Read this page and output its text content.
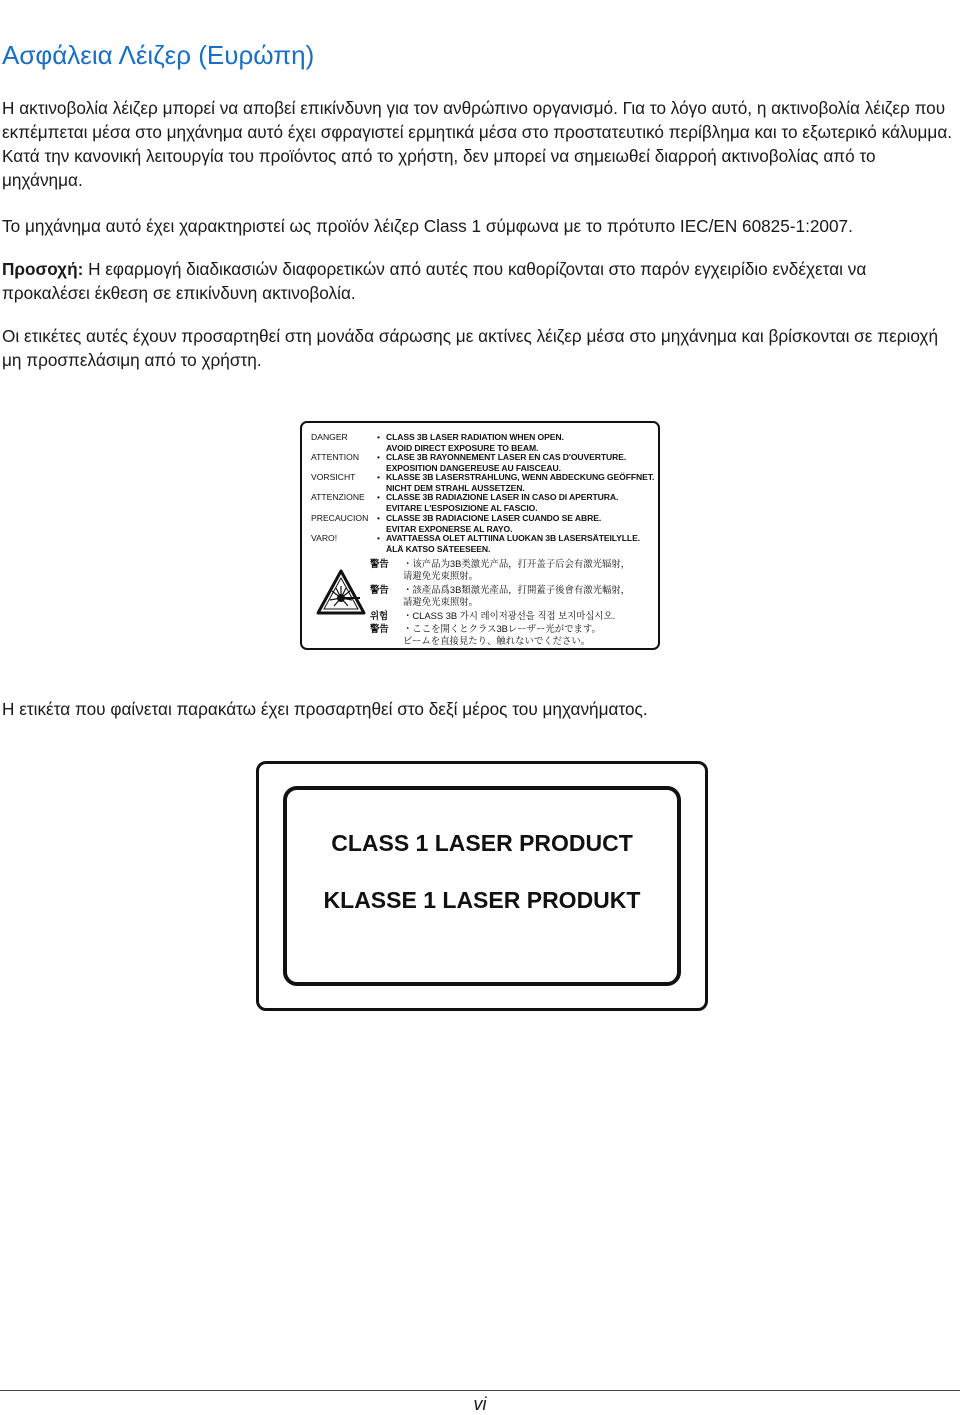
Ασφάλεια Λέιζερ (Ευρώπη)

Η ακτινοβολία λέιζερ μπορεί να αποβεί επικίνδυνη για τον ανθρώπινο οργανισμό. Για το λόγο αυτό, η ακτινοβολία λέιζερ που εκπέμπεται μέσα στο μηχάνημα αυτό έχει σφραγιστεί ερμητικά μέσα στο προστατευτικό περίβλημα και το εξωτερικό κάλυμμα. Κατά την κανονική λειτουργία του προϊόντος από το χρήστη, δεν μπορεί να σημειωθεί διαρροή ακτινοβολίας από το μηχάνημα.

Το μηχάνημα αυτό έχει χαρακτηριστεί ως προϊόν λέιζερ Class 1 σύμφωνα με το πρότυπο IEC/EN 60825-1:2007.

Προσοχή: Η εφαρμογή διαδικασιών διαφορετικών από αυτές που καθορίζονται στο παρόν εγχειρίδιο ενδέχεται να προκαλέσει έκθεση σε επικίνδυνη ακτινοβολία.

Οι ετικέτες αυτές έχουν προσαρτηθεί στη μονάδα σάρωσης με ακτίνες λέιζερ μέσα στο μηχάνημα και βρίσκονται σε περιοχή μη προσπελάσιμη από το χρήστη.

DANGER	• CLASS 3B LASER RADIATION WHEN OPEN.
AVOID DIRECT EXPOSURE TO BEAM.
ATTENTION	• CLASE 3B RAYONNEMENT LASER EN CAS D'OUVERTURE.
EXPOSITION DANGEREUSE AU FAISCEAU.
VORSICHT	• KLASSE 3B LASERSTRAHLUNG, WENN ABDECKUNG GEÖFFNET.
NICHT DEM STRAHL AUSSETZEN.
ATTENZIONE	• CLASSE 3B RADIAZIONE LASER IN CASO DI APERTURA.
EVITARE L'ESPOSIZIONE AL FASCIO.
PRECAUCION	• CLASSE 3B RADIACIONE LASER CUANDO SE ABRE.
EVITAR EXPONERSE AL RAYO.
VARO!	• AVATTAESSA OLET ALTTIINA LUOKAN 3B LASERSÄTEILYLLE.
ÄLÄ KATSO SÄTEESEEN.
警告	・该产品为3B类激光产品，打开盖子后会有激光辐射，
请避免光束照射。
警告	・該產品爲3B類激光產品，打開蓋子後會有激光輻射，
請避免光束照射。
위험	・CLASS 3B 가시 레이저광선을 직접 보지마십시오.
警告	・ここを開くとクラス3Bレーザー光がでます。
ビームを直接見たり、触れないでください。

Η ετικέτα που φαίνεται παρακάτω έχει προσαρτηθεί στο δεξί μέρος του μηχανήματος.

CLASS 1 LASER PRODUCT
KLASSE 1 LASER PRODUKT
vi
